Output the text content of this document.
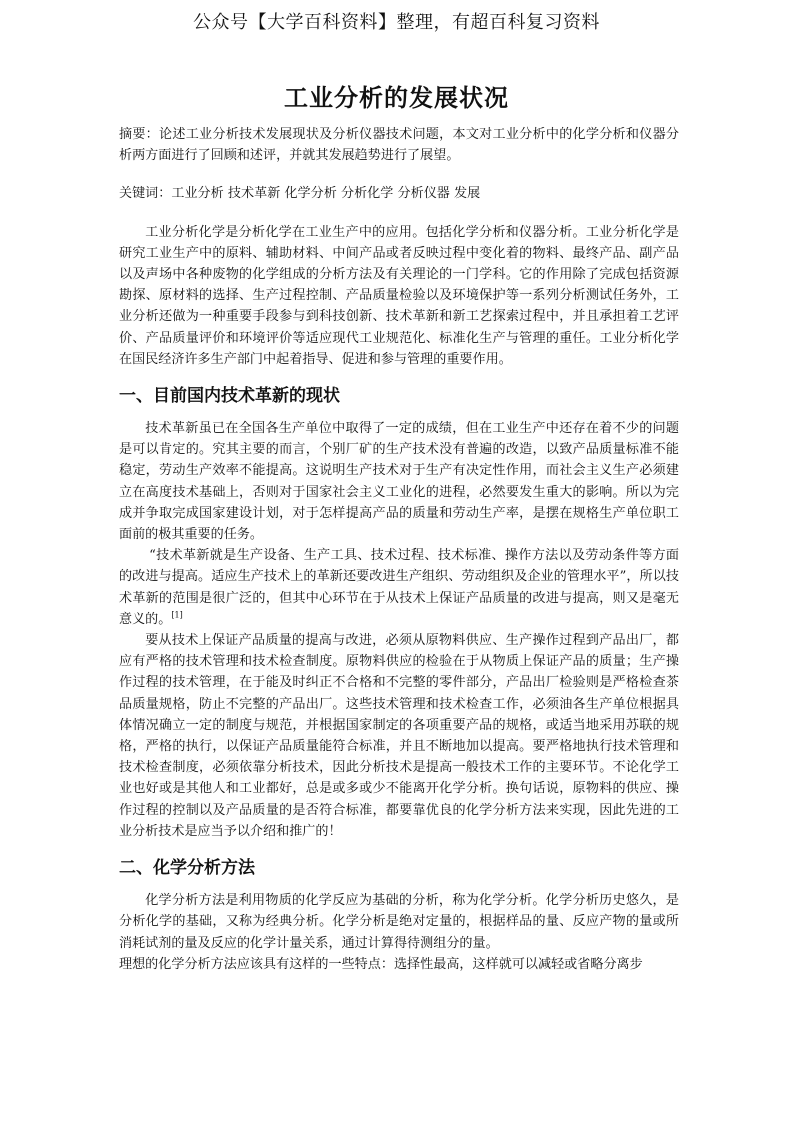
公众号【大学百科资料】整理，有超百科复习资料
工业分析的发展状况

摘要：论述工业分析技术发展现状及分析仪器技术问题，本文对工业分析中的化学分析和仪器分析两方面进行了回顾和述评，并就其发展趋势进行了展望。

关键词：工业分析 技术革新 化学分析 分析化学 分析仪器 发展

工业分析化学是分析化学在工业生产中的应用。包括化学分析和仪器分析。工业分析化学是研究工业生产中的原料、辅助材料、中间产品或者反映过程中变化着的物料、最终产品、副产品以及声场中各种废物的化学组成的分析方法及有关理论的一门学科。它的作用除了完成包括资源勘探、原材料的选择、生产过程控制、产品质量检验以及环境保护等一系列分析测试任务外，工业分析还做为一种重要手段参与到科技创新、技术革新和新工艺探索过程中，并且承担着工艺评价、产品质量评价和环境评价等适应现代工业规范化、标准化生产与管理的重任。工业分析化学在国民经济许多生产部门中起着指导、促进和参与管理的重要作用。

一、目前国内技术革新的现状

技术革新虽已在全国各生产单位中取得了一定的成绩，但在工业生产中还存在着不少的问题是可以肯定的。究其主要的而言，个别厂矿的生产技术没有普遍的改造，以致产品质量标准不能稳定，劳动生产效率不能提高。这说明生产技术对于生产有决定性作用，而社会主义生产必须建立在高度技术基础上，否则对于国家社会主义工业化的进程，必然要发生重大的影响。所以为完成并争取完成国家建设计划，对于怎样提高产品的质量和劳动生产率，是摆在规格生产单位职工面前的极其重要的任务。

“技术革新就是生产设备、生产工具、技术过程、技术标准、操作方法以及劳动条件等方面的改进与提高。适应生产技术上的革新还要改进生产组织、劳动组织及企业的管理水平”，所以技术革新的范围是很广泛的，但其中心环节在于从技术上保证产品质量的改进与提高，则又是毫无意义的。[1]

要从技术上保证产品质量的提高与改进，必须从原物料供应、生产操作过程到产品出厂，都应有严格的技术管理和技术检查制度。原物料供应的检验在于从物质上保证产品的质量；生产操作过程的技术管理，在于能及时纠正不合格和不完整的零件部分，产品出厂检验则是严格检查茶品质量规格，防止不完整的产品出厂。这些技术管理和技术检查工作，必须油各生产单位根据具体情况确立一定的制度与规范，并根据国家制定的各项重要产品的规格，或适当地采用苏联的规格，严格的执行，以保证产品质量能符合标准，并且不断地加以提高。要严格地执行技术管理和技术检查制度，必须依靠分析技术，因此分析技术是提高一般技术工作的主要环节。不论化学工业也好或是其他人和工业都好，总是或多或少不能离开化学分析。换句话说，原物料的供应、操作过程的控制以及产品质量的是否符合标准，都要靠优良的化学分析方法来实现，因此先进的工业分析技术是应当予以介绍和推广的！

二、化学分析方法

化学分析方法是利用物质的化学反应为基础的分析，称为化学分析。化学分析历史悠久，是分析化学的基础，又称为经典分析。化学分析是绝对定量的，根据样品的量、反应产物的量或所消耗试剂的量及反应的化学计量关系，通过计算得待测组分的量。

理想的化学分析方法应该具有这样的一些特点：选择性最高，这样就可以减轻或省略分离步
